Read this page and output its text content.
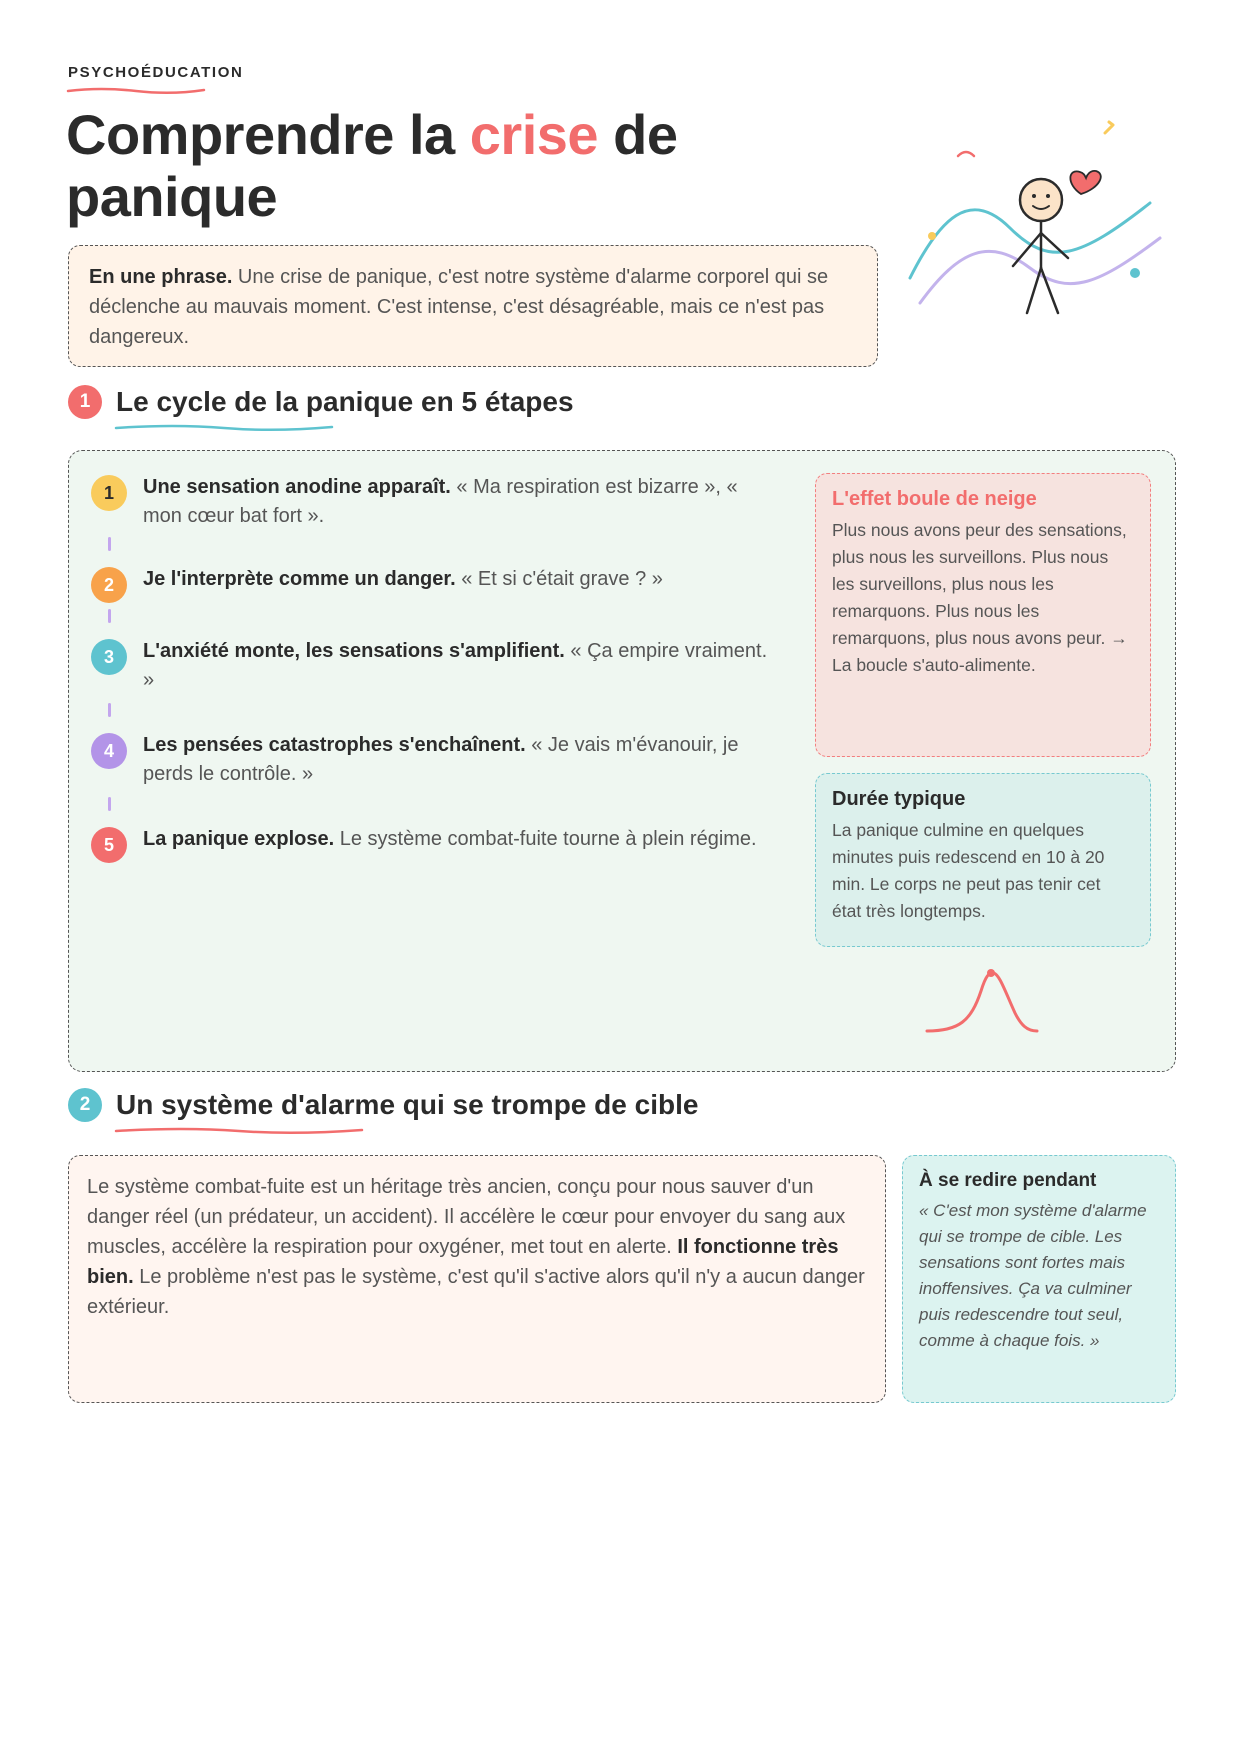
PSYCHOÉDUCATION
Comprendre la crise de panique
En une phrase. Une crise de panique, c'est notre système d'alarme corporel qui se déclenche au mauvais moment. C'est intense, c'est désagréable, mais ce n'est pas dangereux.
1 Le cycle de la panique en 5 étapes
1	Une sensation anodine apparaît. « Ma respiration est bizarre », « mon cœur bat fort ».
2	Je l'interprète comme un danger. « Et si c'était grave ? »
3	L'anxiété monte, les sensations s'amplifient. « Ça empire vraiment. »
4	Les pensées catastrophes s'enchaînent. « Je vais m'évanouir, je perds le contrôle. »
5	La panique explose. Le système combat-fuite tourne à plein régime.
L'effet boule de neige
Plus nous avons peur des sensations, plus nous les surveillons. Plus nous les surveillons, plus nous les remarquons. Plus nous les remarquons, plus nous avons peur. → La boucle s'auto-alimente.
Durée typique
La panique culmine en quelques minutes puis redescend en 10 à 20 min. Le corps ne peut pas tenir cet état très longtemps.
2 Un système d'alarme qui se trompe de cible
Le système combat-fuite est un héritage très ancien, conçu pour nous sauver d'un danger réel (un prédateur, un accident). Il accélère le cœur pour envoyer du sang aux muscles, accélère la respiration pour oxygéner, met tout en alerte. Il fonctionne très bien. Le problème n'est pas le système, c'est qu'il s'active alors qu'il n'y a aucun danger extérieur.
À se redire pendant
« C'est mon système d'alarme qui se trompe de cible. Les sensations sont fortes mais inoffensives. Ça va culminer puis redescendre tout seul, comme à chaque fois. »
